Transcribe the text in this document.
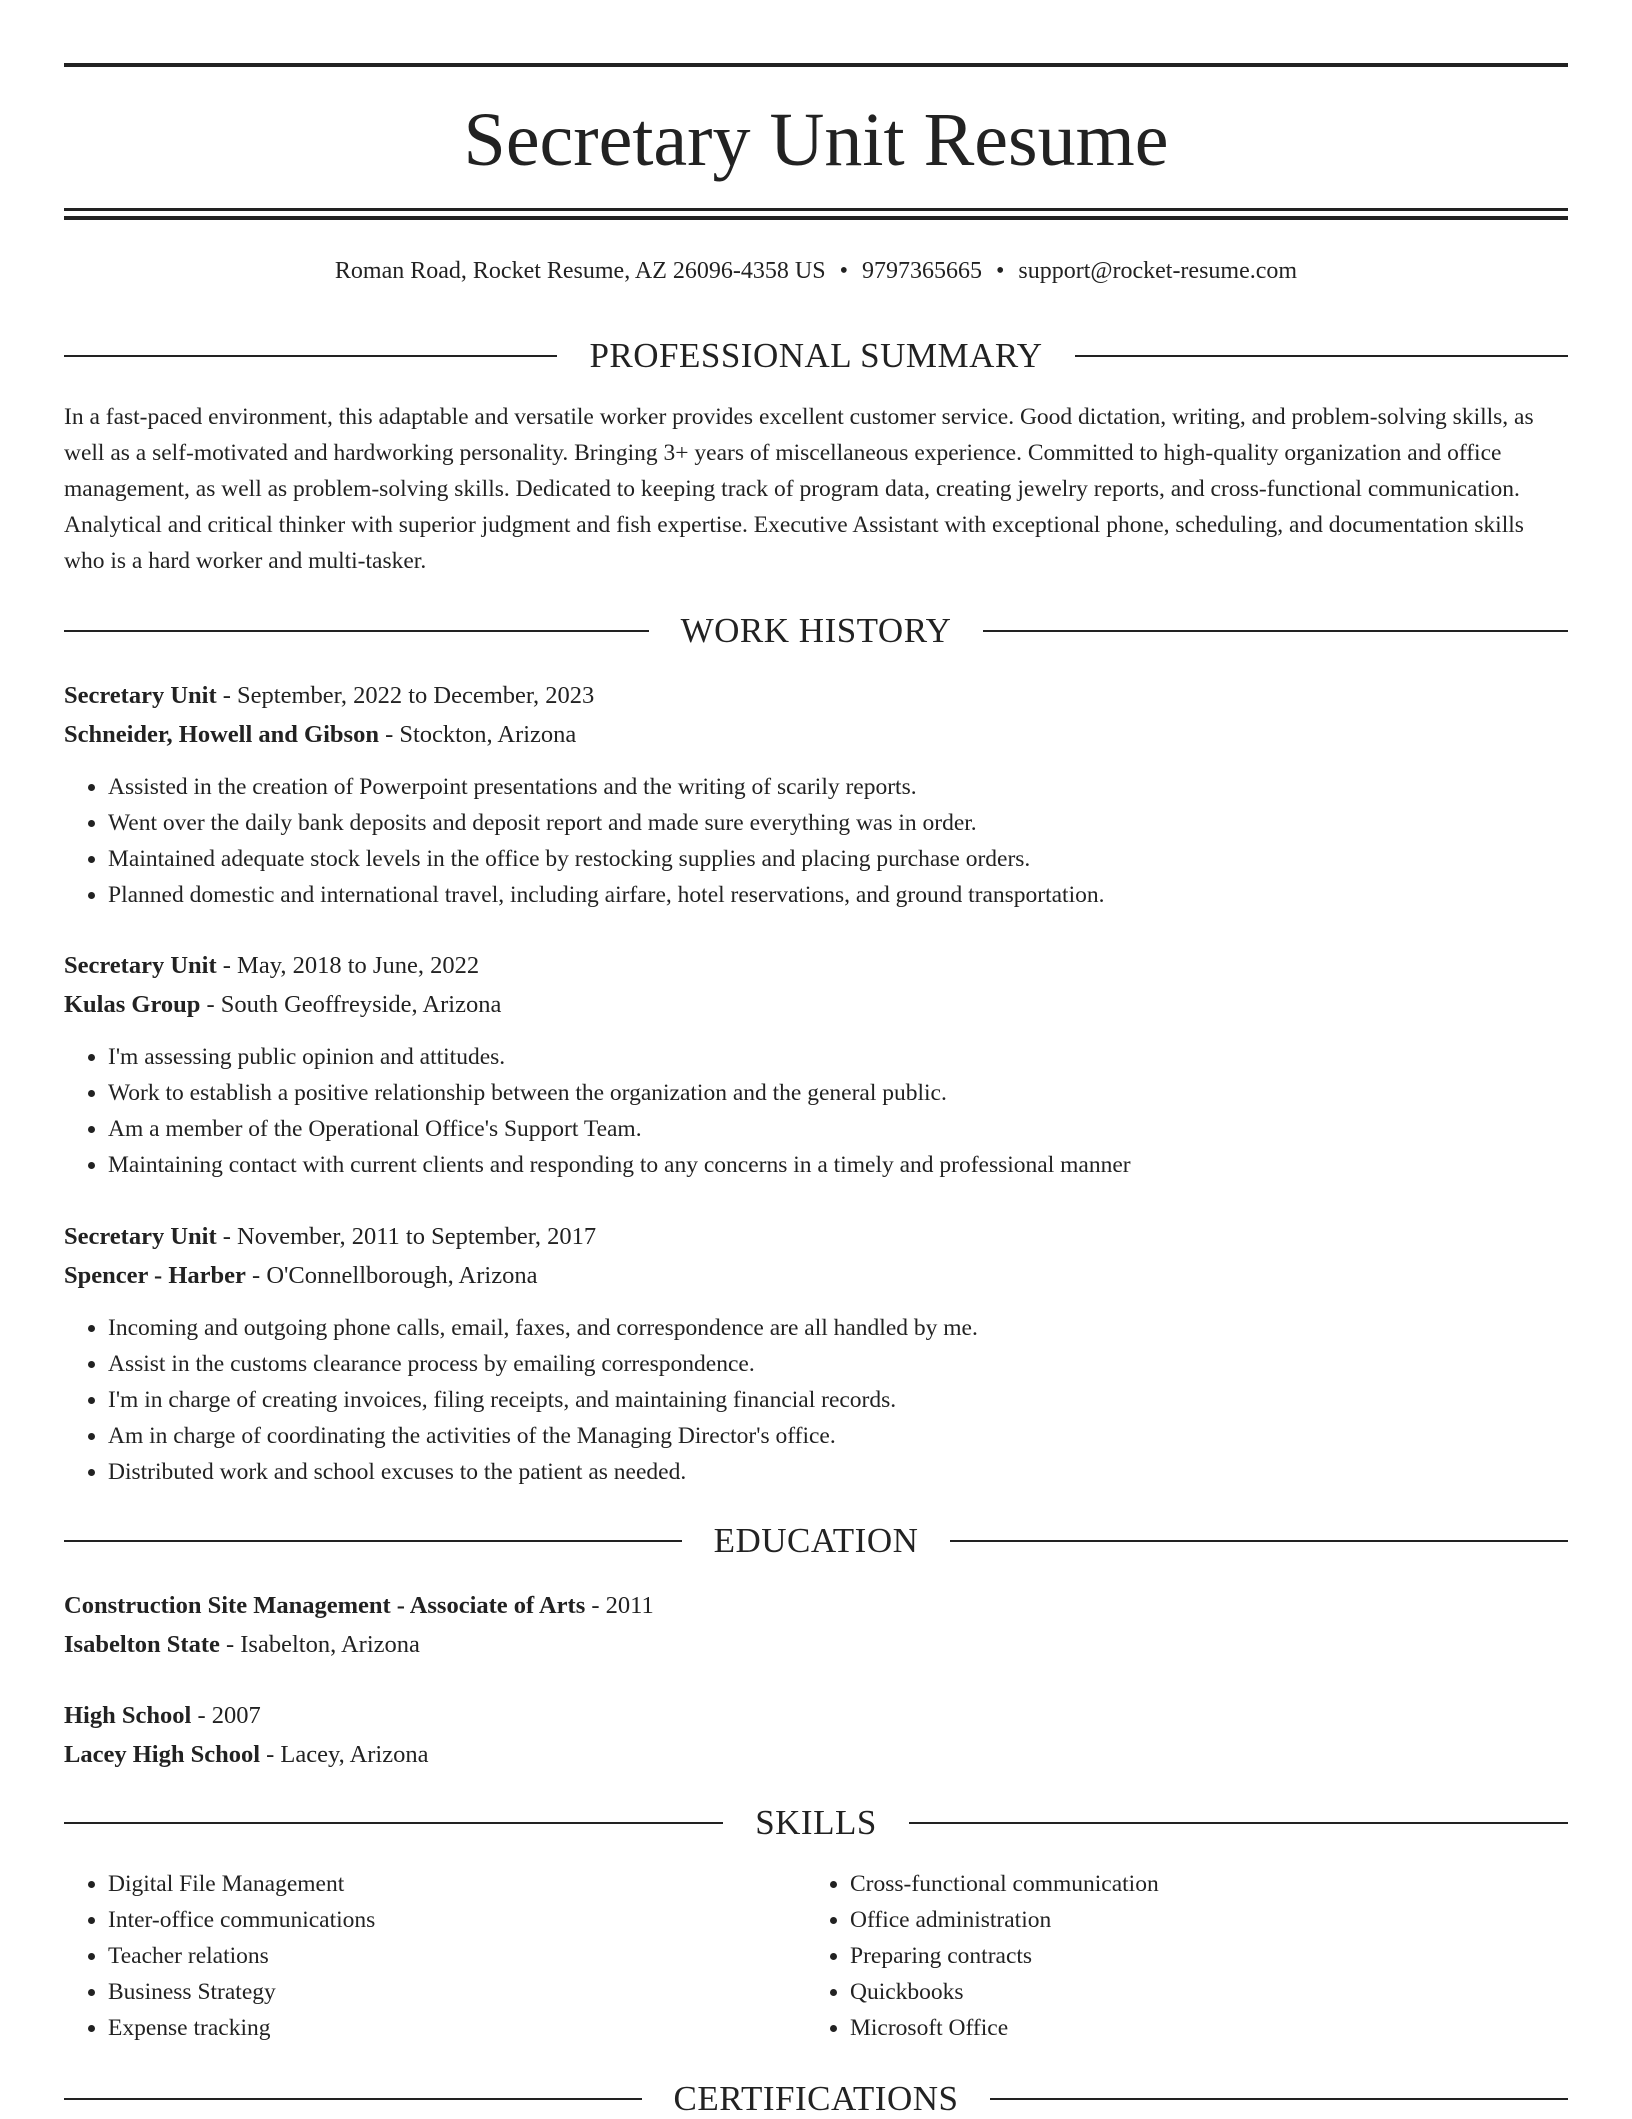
Secretary Unit Resume
Roman Road, Rocket Resume, AZ 26096-4358 US • 9797365665 • support@rocket-resume.com
PROFESSIONAL SUMMARY

In a fast-paced environment, this adaptable and versatile worker provides excellent customer service. Good dictation, writing, and problem-solving skills, as well as a self-motivated and hardworking personality. Bringing 3+ years of miscellaneous experience. Committed to high-quality organization and office management, as well as problem-solving skills. Dedicated to keeping track of program data, creating jewelry reports, and cross-functional communication. Analytical and critical thinker with superior judgment and fish expertise. Executive Assistant with exceptional phone, scheduling, and documentation skills who is a hard worker and multi-tasker.

WORK HISTORY
Secretary Unit - September, 2022 to December, 2023
Schneider, Howell and Gibson - Stockton, Arizona
• Assisted in the creation of Powerpoint presentations and the writing of scarily reports.
• Went over the daily bank deposits and deposit report and made sure everything was in order.
• Maintained adequate stock levels in the office by restocking supplies and placing purchase orders.
• Planned domestic and international travel, including airfare, hotel reservations, and ground transportation.
Secretary Unit - May, 2018 to June, 2022
Kulas Group - South Geoffreyside, Arizona
• I'm assessing public opinion and attitudes.
• Work to establish a positive relationship between the organization and the general public.
• Am a member of the Operational Office's Support Team.
• Maintaining contact with current clients and responding to any concerns in a timely and professional manner
Secretary Unit - November, 2011 to September, 2017
Spencer - Harber - O'Connellborough, Arizona
• Incoming and outgoing phone calls, email, faxes, and correspondence are all handled by me.
• Assist in the customs clearance process by emailing correspondence.
• I'm in charge of creating invoices, filing receipts, and maintaining financial records.
• Am in charge of coordinating the activities of the Managing Director's office.
• Distributed work and school excuses to the patient as needed.
EDUCATION
Construction Site Management - Associate of Arts - 2011
Isabelton State - Isabelton, Arizona
High School - 2007
Lacey High School - Lacey, Arizona
SKILLS
• Digital File Management
• Inter-office communications
• Teacher relations
• Business Strategy
• Expense tracking
• Cross-functional communication
• Office administration
• Preparing contracts
• Quickbooks
• Microsoft Office
CERTIFICATIONS
